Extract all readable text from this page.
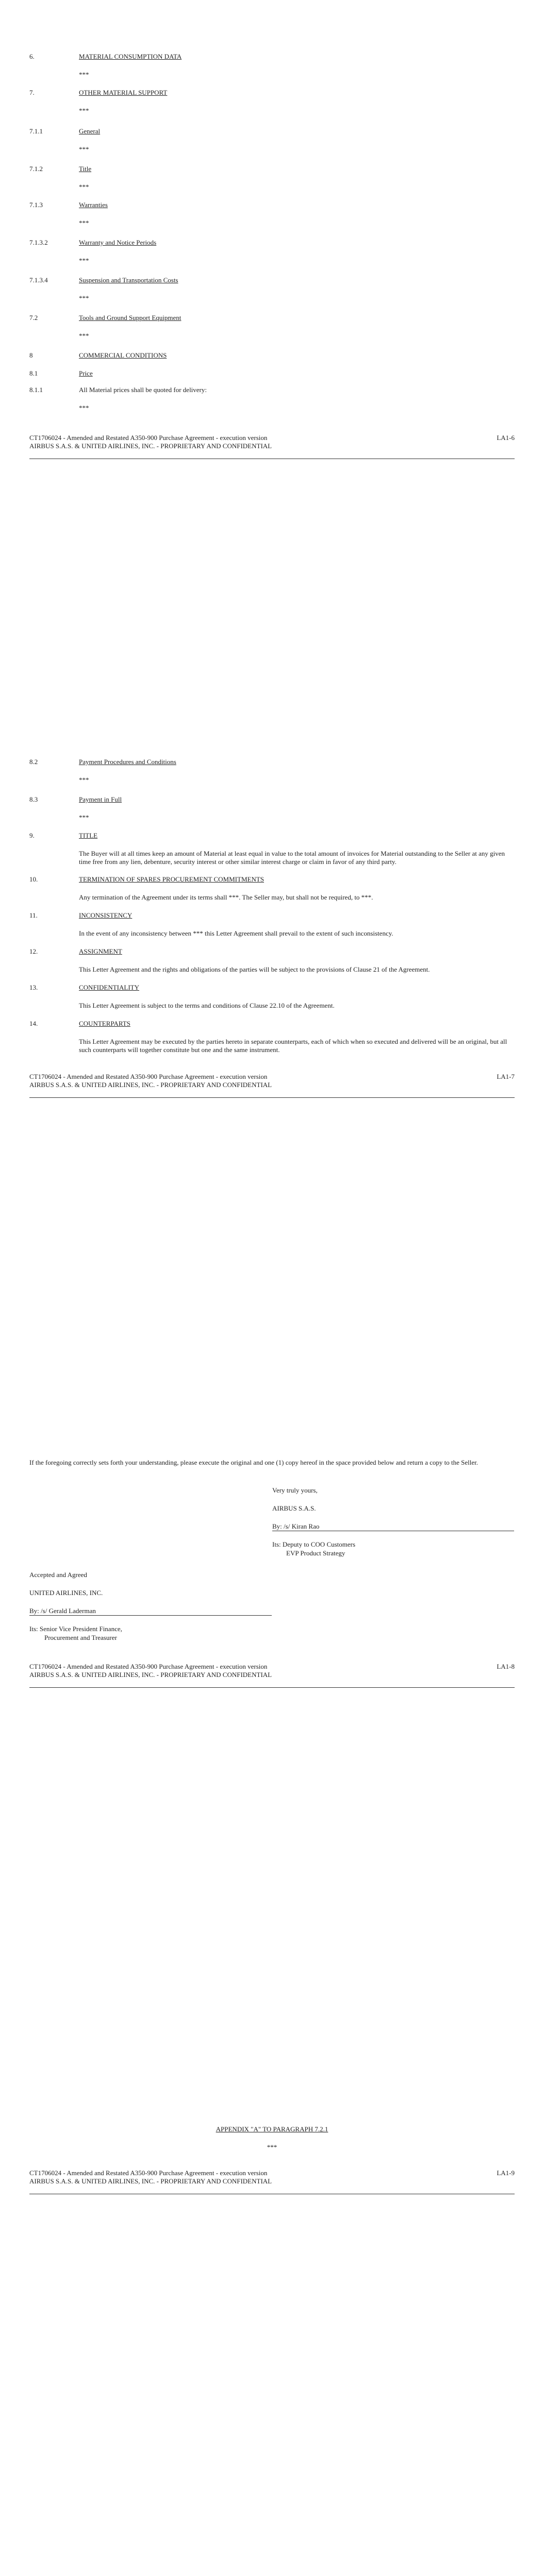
6.	MATERIAL CONSUMPTION DATA
***
7.	OTHER MATERIAL SUPPORT
***
7.1.1	General
***
7.1.2	Title
***
7.1.3	Warranties
***
7.1.3.2	Warranty and Notice Periods
***
7.1.3.4	Suspension and Transportation Costs
***
7.2	Tools and Ground Support Equipment
***
8	COMMERCIAL CONDITIONS
8.1	Price
8.1.1	All Material prices shall be quoted for delivery:
***
CT1706024 - Amended and Restated A350-900 Purchase Agreement - execution version
AIRBUS S.A.S. & UNITED AIRLINES, INC. - PROPRIETARY AND CONFIDENTIAL
LA1-6
8.2	Payment Procedures and Conditions
***
8.3	Payment in Full
***
9.	TITLE
The Buyer will at all times keep an amount of Material at least equal in value to the total amount of invoices for Material outstanding to the Seller at any given time free from any lien, debenture, security interest or other similar interest charge or claim in favor of any third party.
10.	TERMINATION OF SPARES PROCUREMENT COMMITMENTS
Any termination of the Agreement under its terms shall ***. The Seller may, but shall not be required, to ***.
11.	INCONSISTENCY
In the event of any inconsistency between *** this Letter Agreement shall prevail to the extent of such inconsistency.
12.	ASSIGNMENT
This Letter Agreement and the rights and obligations of the parties will be subject to the provisions of Clause 21 of the Agreement.
13.	CONFIDENTIALITY
This Letter Agreement is subject to the terms and conditions of Clause 22.10 of the Agreement.
14.	COUNTERPARTS
This Letter Agreement may be executed by the parties hereto in separate counterparts, each of which when so executed and delivered will be an original, but all such counterparts will together constitute but one and the same instrument.
CT1706024 - Amended and Restated A350-900 Purchase Agreement - execution version
AIRBUS S.A.S. & UNITED AIRLINES, INC. - PROPRIETARY AND CONFIDENTIAL
LA1-7
If the foregoing correctly sets forth your understanding, please execute the original and one (1) copy hereof in the space provided below and return a copy to the Seller.
Very truly yours,
AIRBUS S.A.S.
By: /s/ Kiran Rao
Its: Deputy to COO Customers
EVP Product Strategy
Accepted and Agreed
UNITED AIRLINES, INC.
By: /s/ Gerald Laderman
Its: Senior Vice President Finance,
Procurement and Treasurer
CT1706024 - Amended and Restated A350-900 Purchase Agreement - execution version
AIRBUS S.A.S. & UNITED AIRLINES, INC. - PROPRIETARY AND CONFIDENTIAL
LA1-8
APPENDIX "A" TO PARAGRAPH 7.2.1
***
CT1706024 - Amended and Restated A350-900 Purchase Agreement - execution version
AIRBUS S.A.S. & UNITED AIRLINES, INC. - PROPRIETARY AND CONFIDENTIAL
LA1-9
